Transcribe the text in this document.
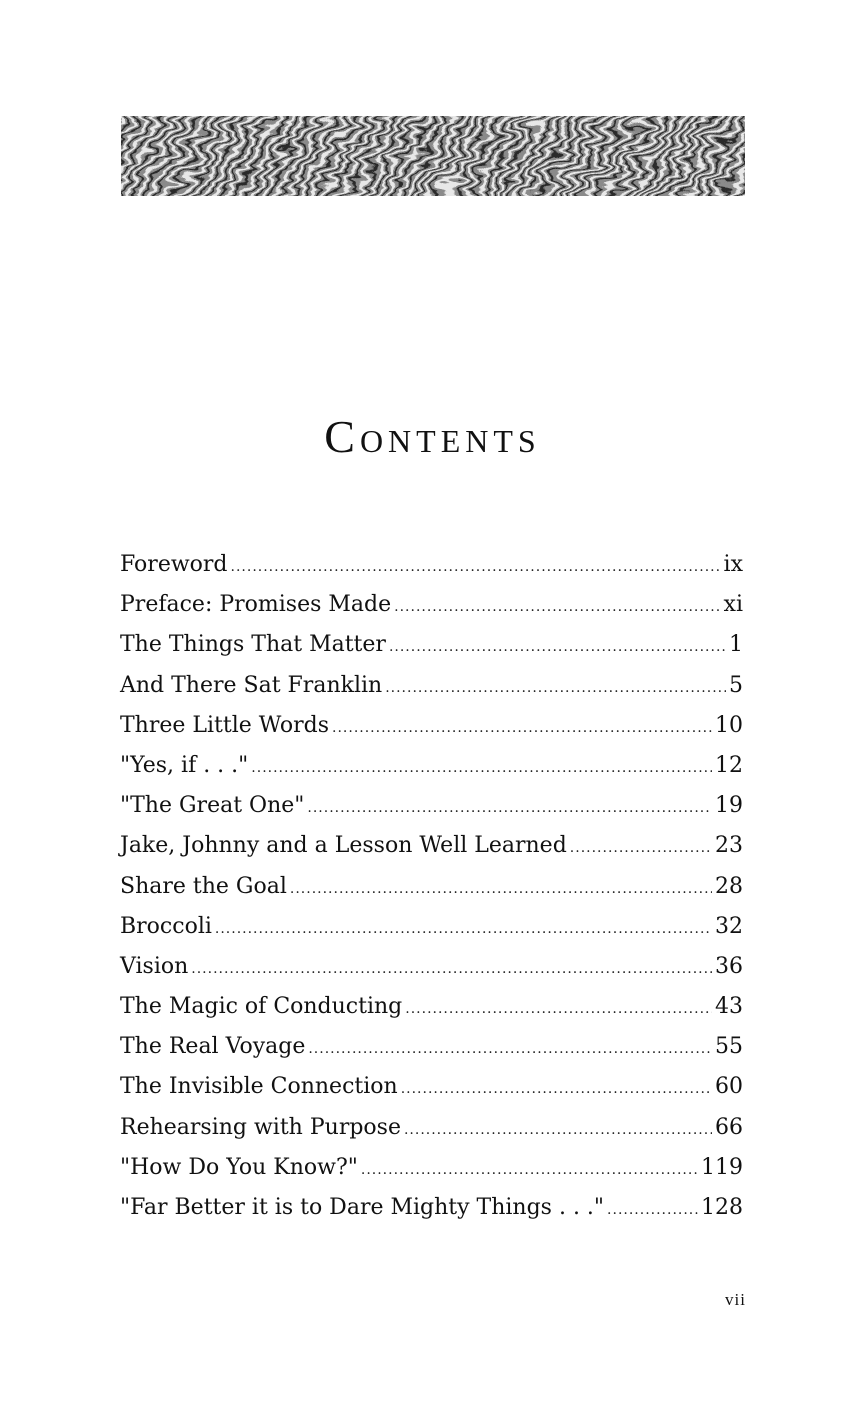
Contents
Foreword .....	ix
Preface: Promises Made .....	xi
The Things That Matter .....	1
And There Sat Franklin .....	5
Three Little Words .....	10
"Yes, if . . ." .....	12
"The Great One" .....	19
Jake, Johnny and a Lesson Well Learned .....	23
Share the Goal .....	28
Broccoli .....	32
Vision .....	36
The Magic of Conducting .....	43
The Real Voyage .....	55
The Invisible Connection .....	60
Rehearsing with Purpose .....	66
"How Do You Know?" .....	119
"Far Better it is to Dare Mighty Things . . ." .....	128
vii
